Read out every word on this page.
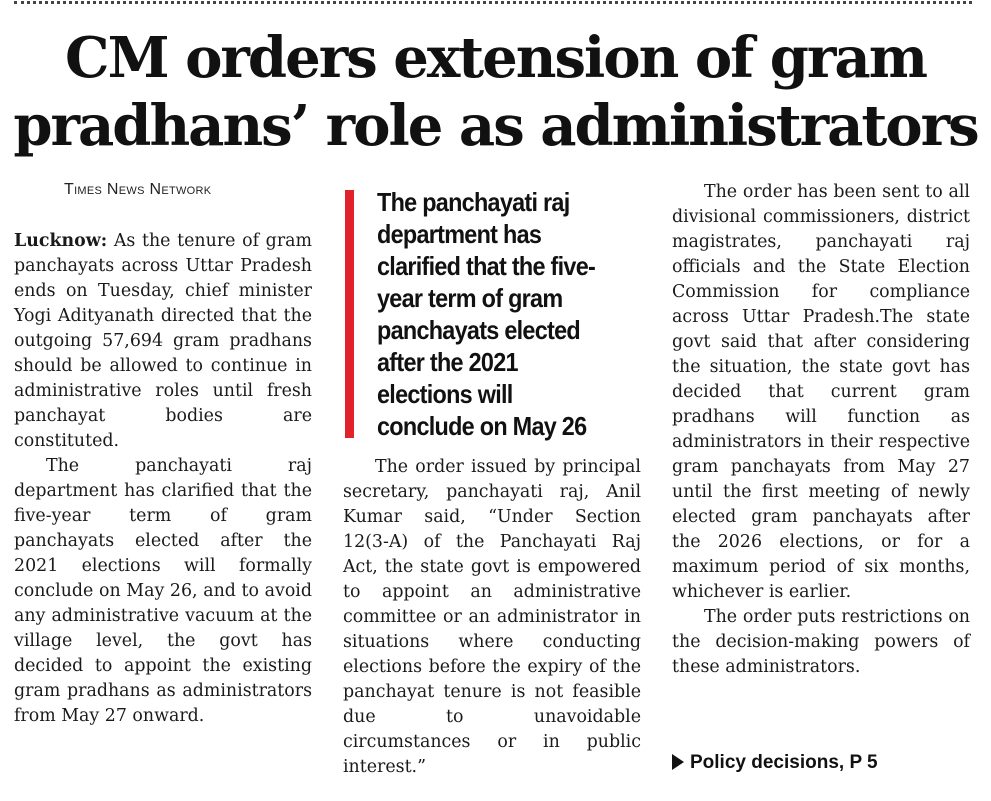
CM orders extension of gram
pradhans’ role as administrators
Times News Network

Lucknow: As the tenure of gram panchayats across Uttar Pradesh ends on Tuesday, chief minister Yogi Adityanath directed that the outgoing 57,694 gram pradhans should be allowed to continue in administrative roles until fresh panchayat bodies are constituted.

The panchayati raj department has clarified that the five-year term of gram panchayats elected after the 2021 elections will formally conclude on May 26, and to avoid any administrative vacuum at the village level, the govt has decided to appoint the existing gram pradhans as administrators from May 27 onward.

The panchayati raj department has clarified that the five-year term of gram panchayats elected after the 2021 elections will conclude on May 26

The order issued by principal secretary, panchayati raj, Anil Kumar said, “Under Section 12(3-A) of the Panchayati Raj Act, the state govt is empowered to appoint an administrative committee or an administrator in situations where conducting elections before the expiry of the panchayat tenure is not feasible due to unavoidable circumstances or in public interest.”

The order has been sent to all divisional commissioners, district magistrates, panchayati raj officials and the State Election Commission for compliance across Uttar Pradesh.The state govt said that after considering the situation, the state govt has decided that current gram pradhans will function as administrators in their respective gram panchayats from May 27 until the first meeting of newly elected gram panchayats after the 2026 elections, or for a maximum period of six months, whichever is earlier.

The order puts restrictions on the decision-making powers of these administrators.

Policy decisions, P 5
